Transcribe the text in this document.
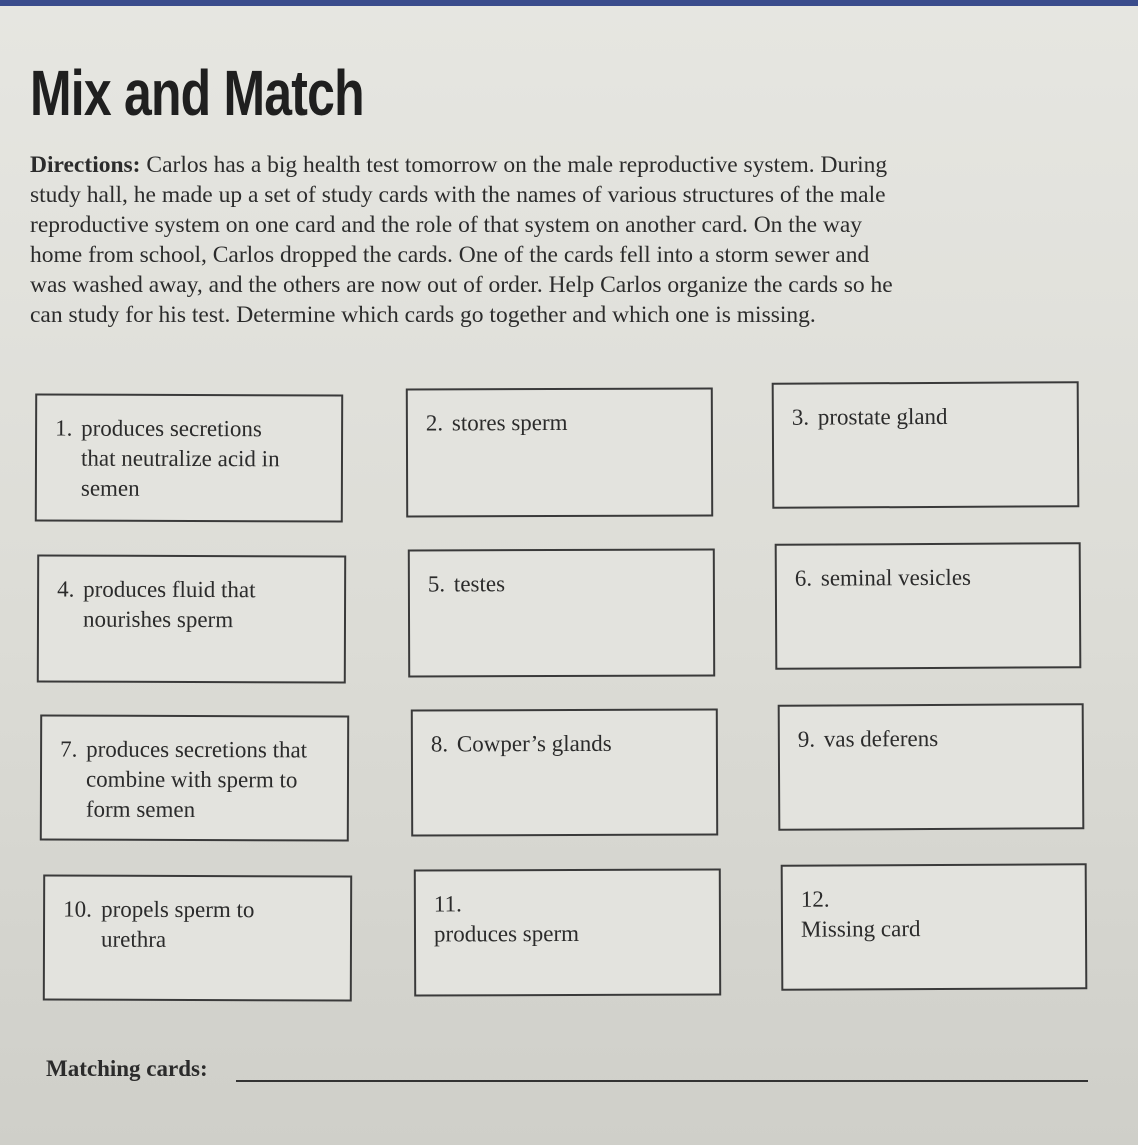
Mix and Match

Directions: Carlos has a big health test tomorrow on the male reproductive system. During study hall, he made up a set of study cards with the names of various structures of the male reproductive system on one card and the role of that system on another card. On the way home from school, Carlos dropped the cards. One of the cards fell into a storm sewer and was washed away, and the others are now out of order. Help Carlos organize the cards so he can study for his test. Determine which cards go together and which one is missing.

1. produces secretions that neutralize acid in semen
2. stores sperm	3. prostate gland
4. produces fluid that nourishes sperm
5. testes	6. seminal vesicles
7. produces secretions that combine with sperm to form semen
8. Cowper’s glands	9. vas deferens
10. propels sperm to urethra
11.produces sperm
12.Missing card
Matching cards:
